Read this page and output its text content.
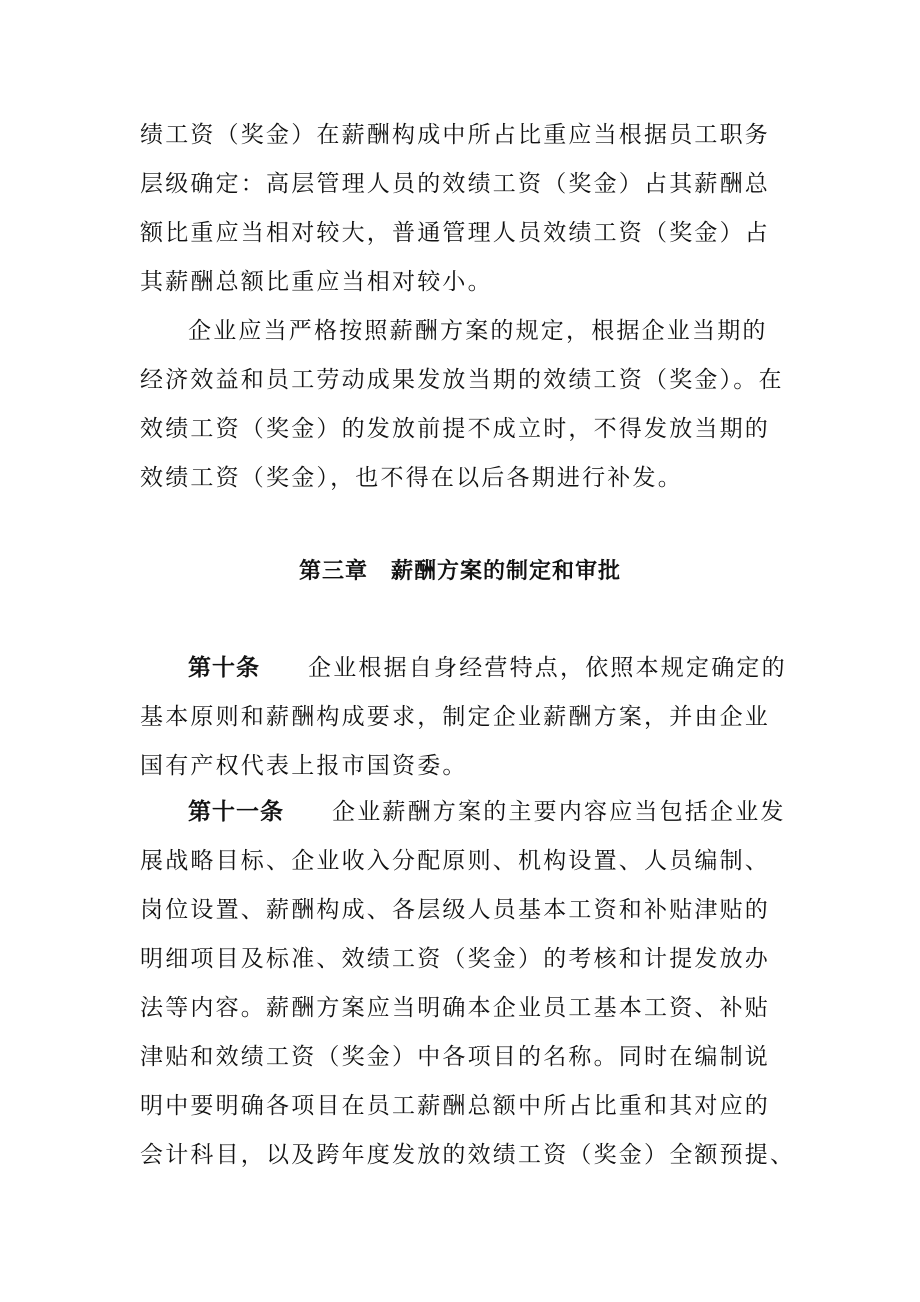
绩工资（奖金）在薪酬构成中所占比重应当根据员工职务
层级确定：高层管理人员的效绩工资（奖金）占其薪酬总
额比重应当相对较大，普通管理人员效绩工资（奖金）占
其薪酬总额比重应当相对较小。
企业应当严格按照薪酬方案的规定，根据企业当期的
经济效益和员工劳动成果发放当期的效绩工资（奖金）。在
效绩工资（奖金）的发放前提不成立时，不得发放当期的
效绩工资（奖金），也不得在以后各期进行补发。
第三章　薪酬方案的制定和审批
第十条 企业根据自身经营特点，依照本规定确定的
基本原则和薪酬构成要求，制定企业薪酬方案，并由企业
国有产权代表上报市国资委。
第十一条 企业薪酬方案的主要内容应当包括企业发
展战略目标、企业收入分配原则、机构设置、人员编制、
岗位设置、薪酬构成、各层级人员基本工资和补贴津贴的
明细项目及标准、效绩工资（奖金）的考核和计提发放办
法等内容。薪酬方案应当明确本企业员工基本工资、补贴
津贴和效绩工资（奖金）中各项目的名称。同时在编制说
明中要明确各项目在员工薪酬总额中所占比重和其对应的
会计科目，以及跨年度发放的效绩工资（奖金）全额预提、
